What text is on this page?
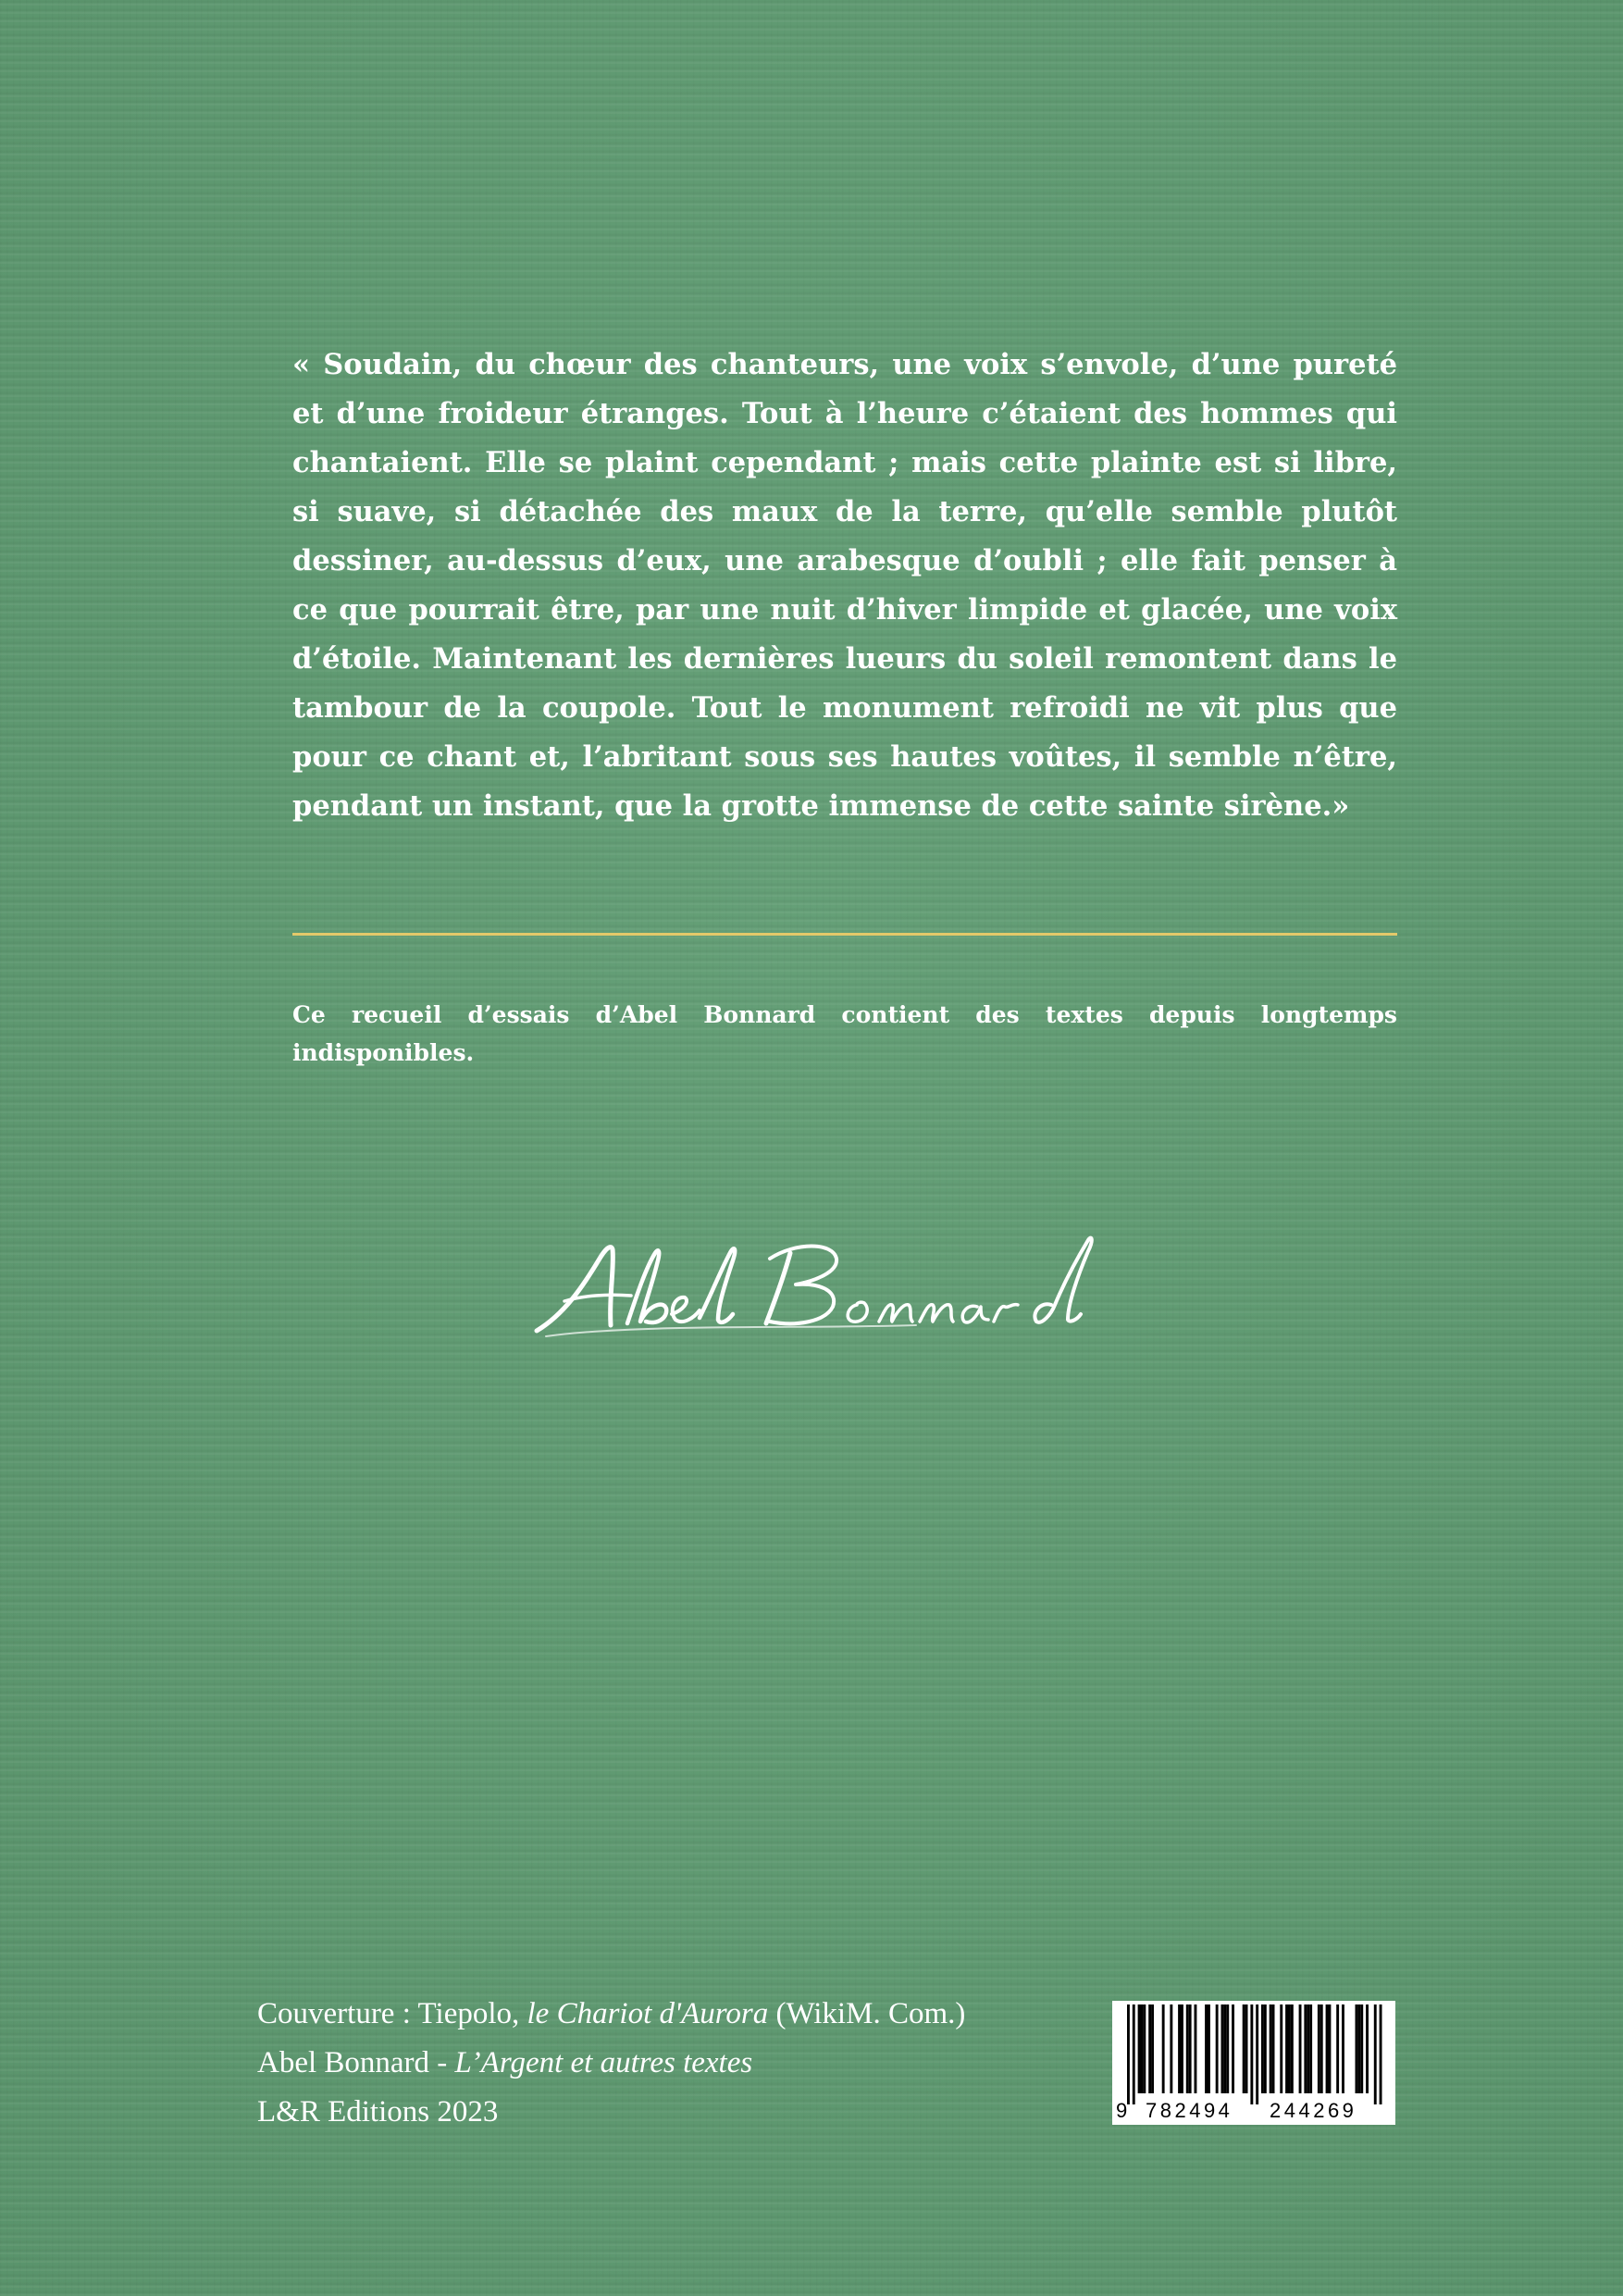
« Soudain, du chœur des chanteurs, une voix s’envole, d’une pureté et d’une froideur étranges. Tout à l’heure c’étaient des hommes qui chantaient. Elle se plaint cependant ; mais cette plainte est si libre, si suave, si détachée des maux de la terre, qu’elle semble plutôt dessiner, au-dessus d’eux, une arabesque d’oubli ; elle fait penser à ce que pourrait être, par une nuit d’hiver limpide et glacée, une voix d’étoile. Maintenant les dernières lueurs du soleil remontent dans le tambour de la coupole. Tout le monument refroidi ne vit plus que pour ce chant et, l’abritant sous ses hautes voûtes, il semble n’être, pendant un instant, que la grotte immense de cette sainte sirène.»

Ce recueil d’essais d’Abel Bonnard contient des textes depuis longtemps indisponibles.

Couverture : Tiepolo, le Chariot d'Aurora (WikiM. Com.)
Abel Bonnard - L’Argent et autres textes
L&R Editions 2023	9 782494 244269
